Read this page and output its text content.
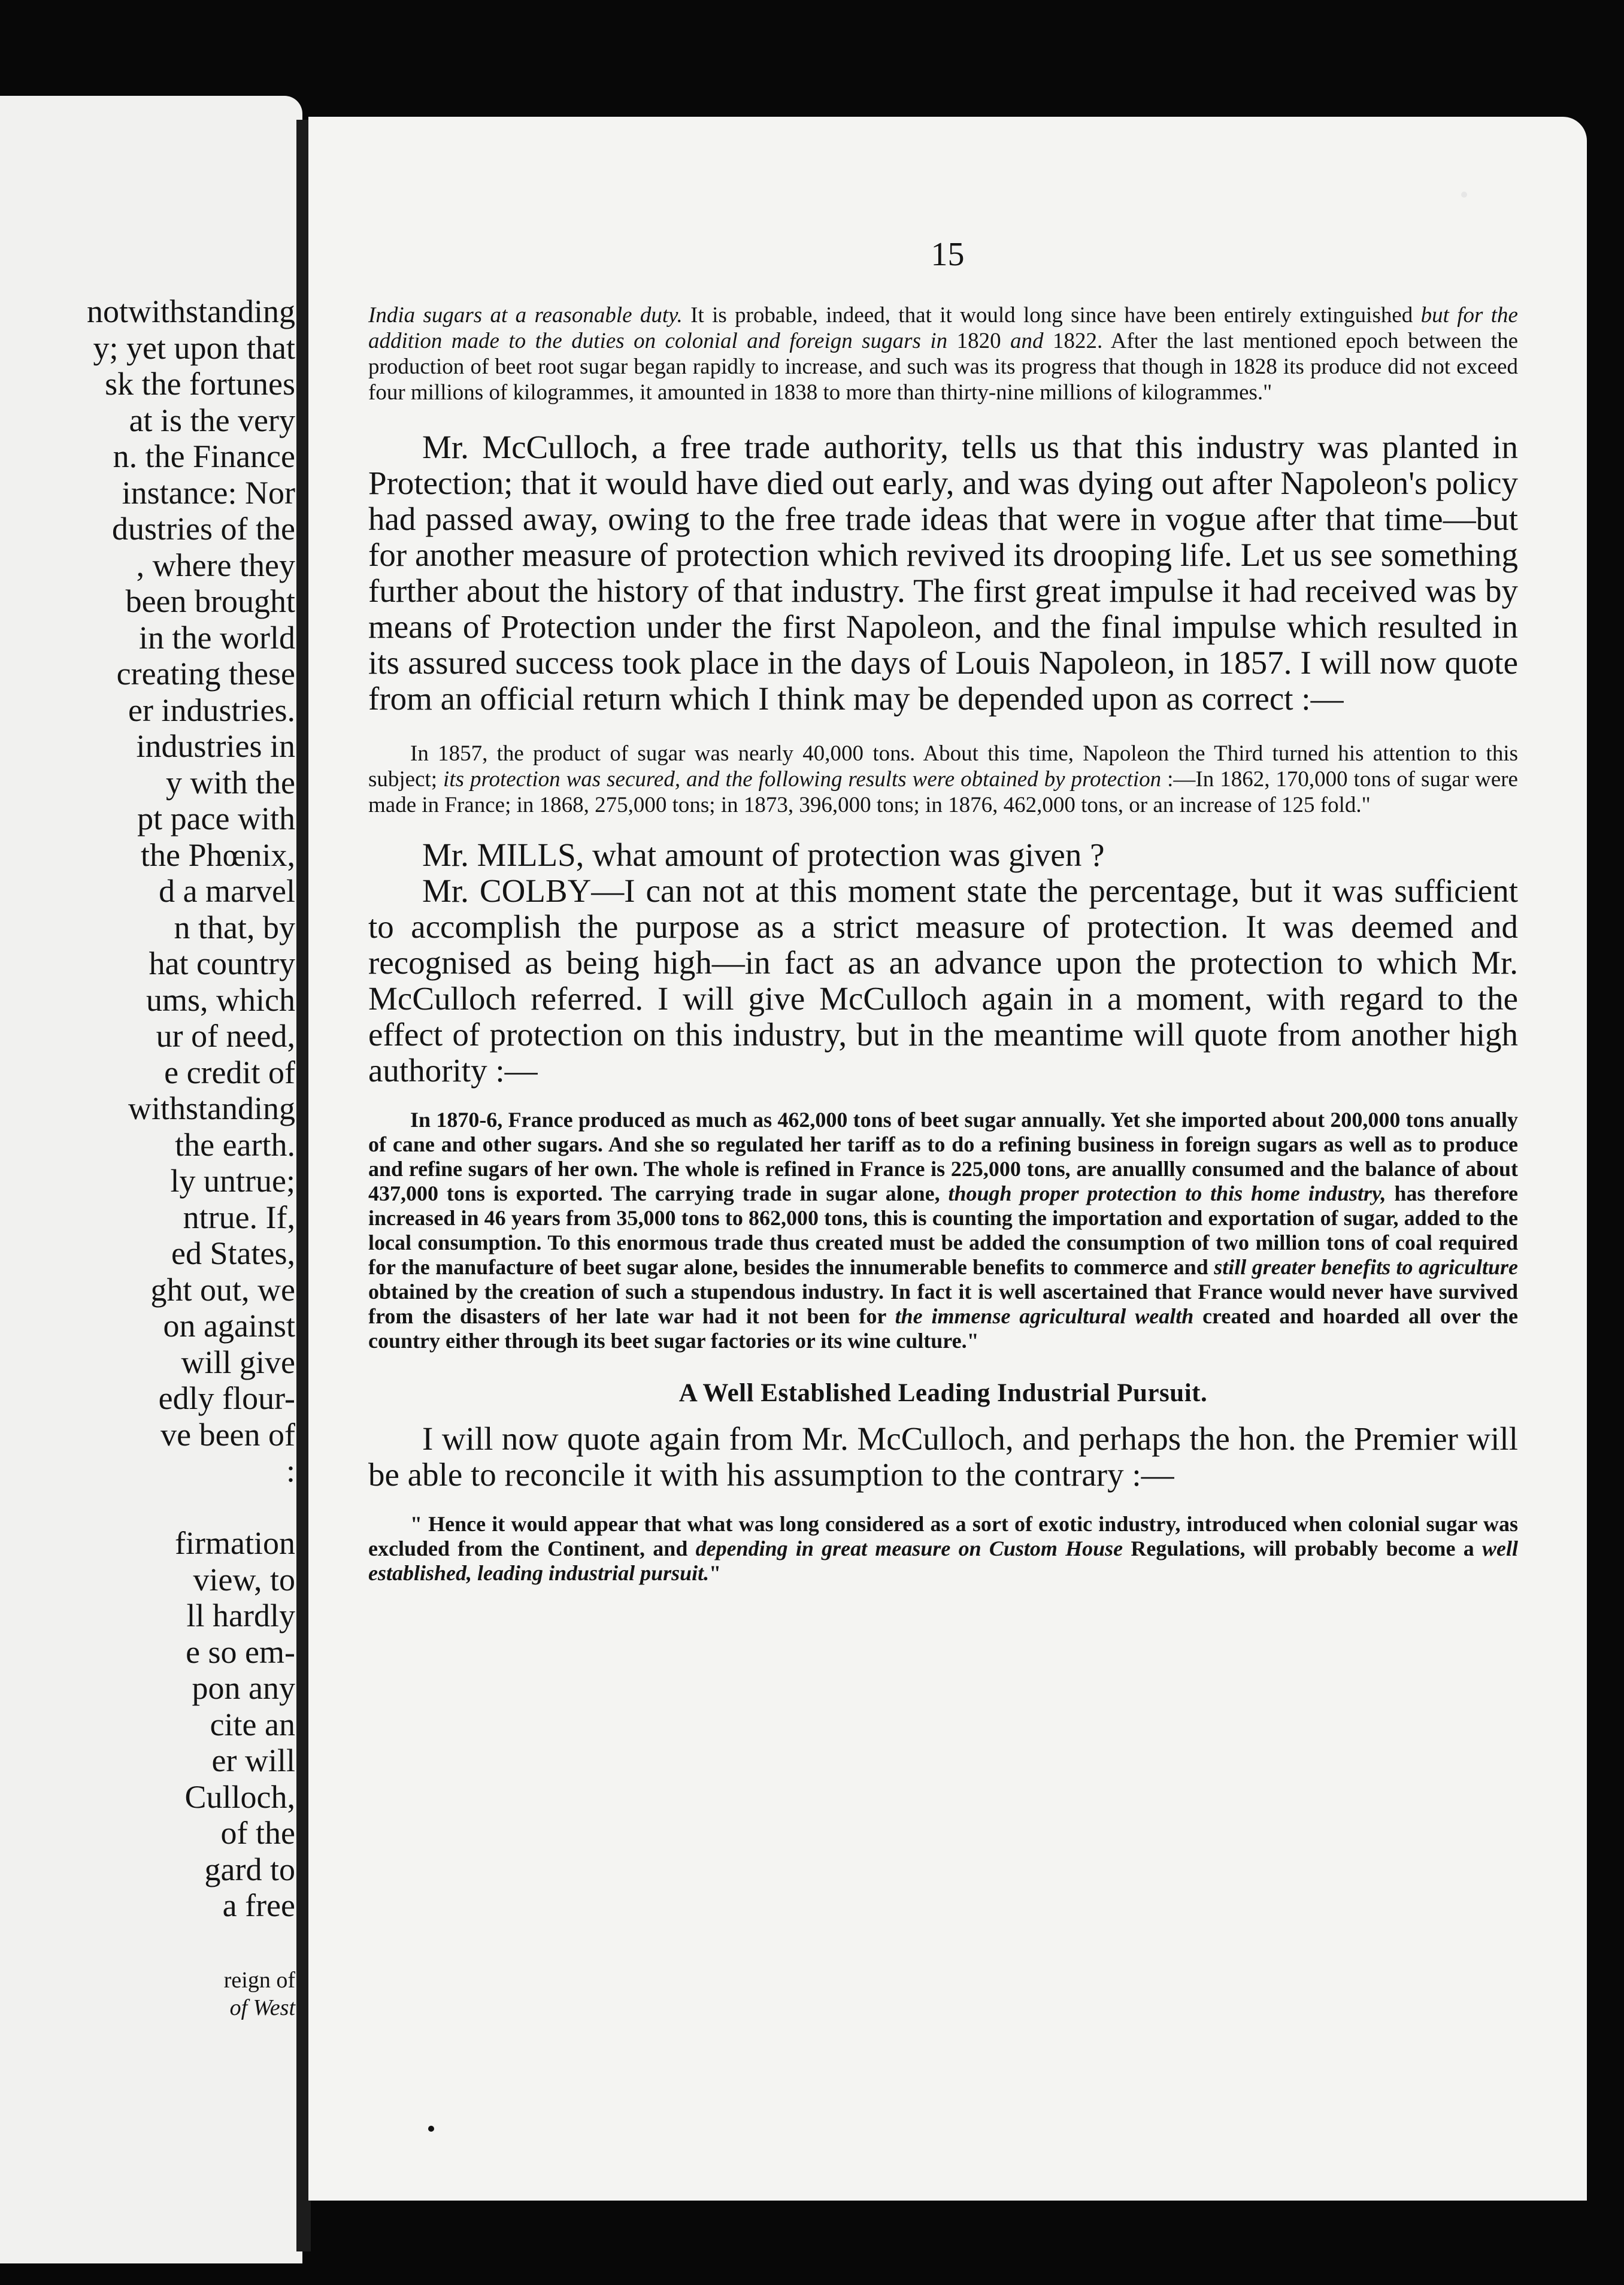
notwithstanding
y; yet upon that
sk the fortunes
at is the very
n. the Finance
instance: Nor
dustries of the
, where they
been brought
in the world
creating these
er industries.
industries in
y with the
pt pace with
the Phœnix,
d a marvel
n that, by
hat country
ums, which
ur of need,
e credit of
withstanding
the earth.
ly untrue;
ntrue. If,
ed States,
ght out, we
on against
will give
edly flour-
ve been of
:
firmation
view, to
ll hardly
e so em-
pon any
cite an
er will
Culloch,
of the
gard to
a free
reign of
of West
15

India sugars at a reasonable duty. It is probable, indeed, that it would long since have been entirely extinguished but for the addition made to the duties on colonial and foreign sugars in 1820 and 1822. After the last mentioned epoch between the production of beet root sugar began rapidly to increase, and such was its progress that though in 1828 its produce did not exceed four millions of kilogrammes, it amounted in 1838 to more than thirty-nine millions of kilogrammes."

Mr. McCulloch, a free trade authority, tells us that this industry was planted in Protection; that it would have died out early, and was dying out after Napoleon's policy had passed away, owing to the free trade ideas that were in vogue after that time—but for another measure of protection which revived its drooping life. Let us see something further about the history of that industry. The first great impulse it had received was by means of Protection under the first Napoleon, and the final impulse which resulted in its assured success took place in the days of Louis Napoleon, in 1857. I will now quote from an official return which I think may be depended upon as correct :—

In 1857, the product of sugar was nearly 40,000 tons. About this time, Napoleon the Third turned his attention to this subject; its protection was secured, and the following results were obtained by protection :—In 1862, 170,000 tons of sugar were made in France; in 1868, 275,000 tons; in 1873, 396,000 tons; in 1876, 462,000 tons, or an increase of 125 fold."

Mr. MILLS, what amount of protection was given ?

Mr. COLBY—I can not at this moment state the percentage, but it was sufficient to accomplish the purpose as a strict measure of protection. It was deemed and recognised as being high—in fact as an advance upon the protection to which Mr. McCulloch referred. I will give McCulloch again in a moment, with regard to the effect of protection on this industry, but in the meantime will quote from another high authority :—

In 1870-6, France produced as much as 462,000 tons of beet sugar annually. Yet she imported about 200,000 tons anually of cane and other sugars. And she so regulated her tariff as to do a refining business in foreign sugars as well as to produce and refine sugars of her own. The whole is refined in France is 225,000 tons, are anuallly consumed and the balance of about 437,000 tons is exported. The carrying trade in sugar alone, though proper protection to this home industry, has therefore increased in 46 years from 35,000 tons to 862,000 tons, this is counting the importation and exportation of sugar, added to the local consumption. To this enormous trade thus created must be added the consumption of two million tons of coal required for the manufacture of beet sugar alone, besides the innumerable benefits to commerce and still greater benefits to agriculture obtained by the creation of such a stupendous industry. In fact it is well ascertained that France would never have survived from the disasters of her late war had it not been for the immense agricultural wealth created and hoarded all over the country either through its beet sugar factories or its wine culture."

A Well Established Leading Industrial Pursuit.

I will now quote again from Mr. McCulloch, and perhaps the hon. the Premier will be able to reconcile it with his assumption to the contrary :—

" Hence it would appear that what was long considered as a sort of exotic industry, introduced when colonial sugar was excluded from the Continent, and depending in great measure on Custom House Regulations, will probably become a well established, leading industrial pursuit."
